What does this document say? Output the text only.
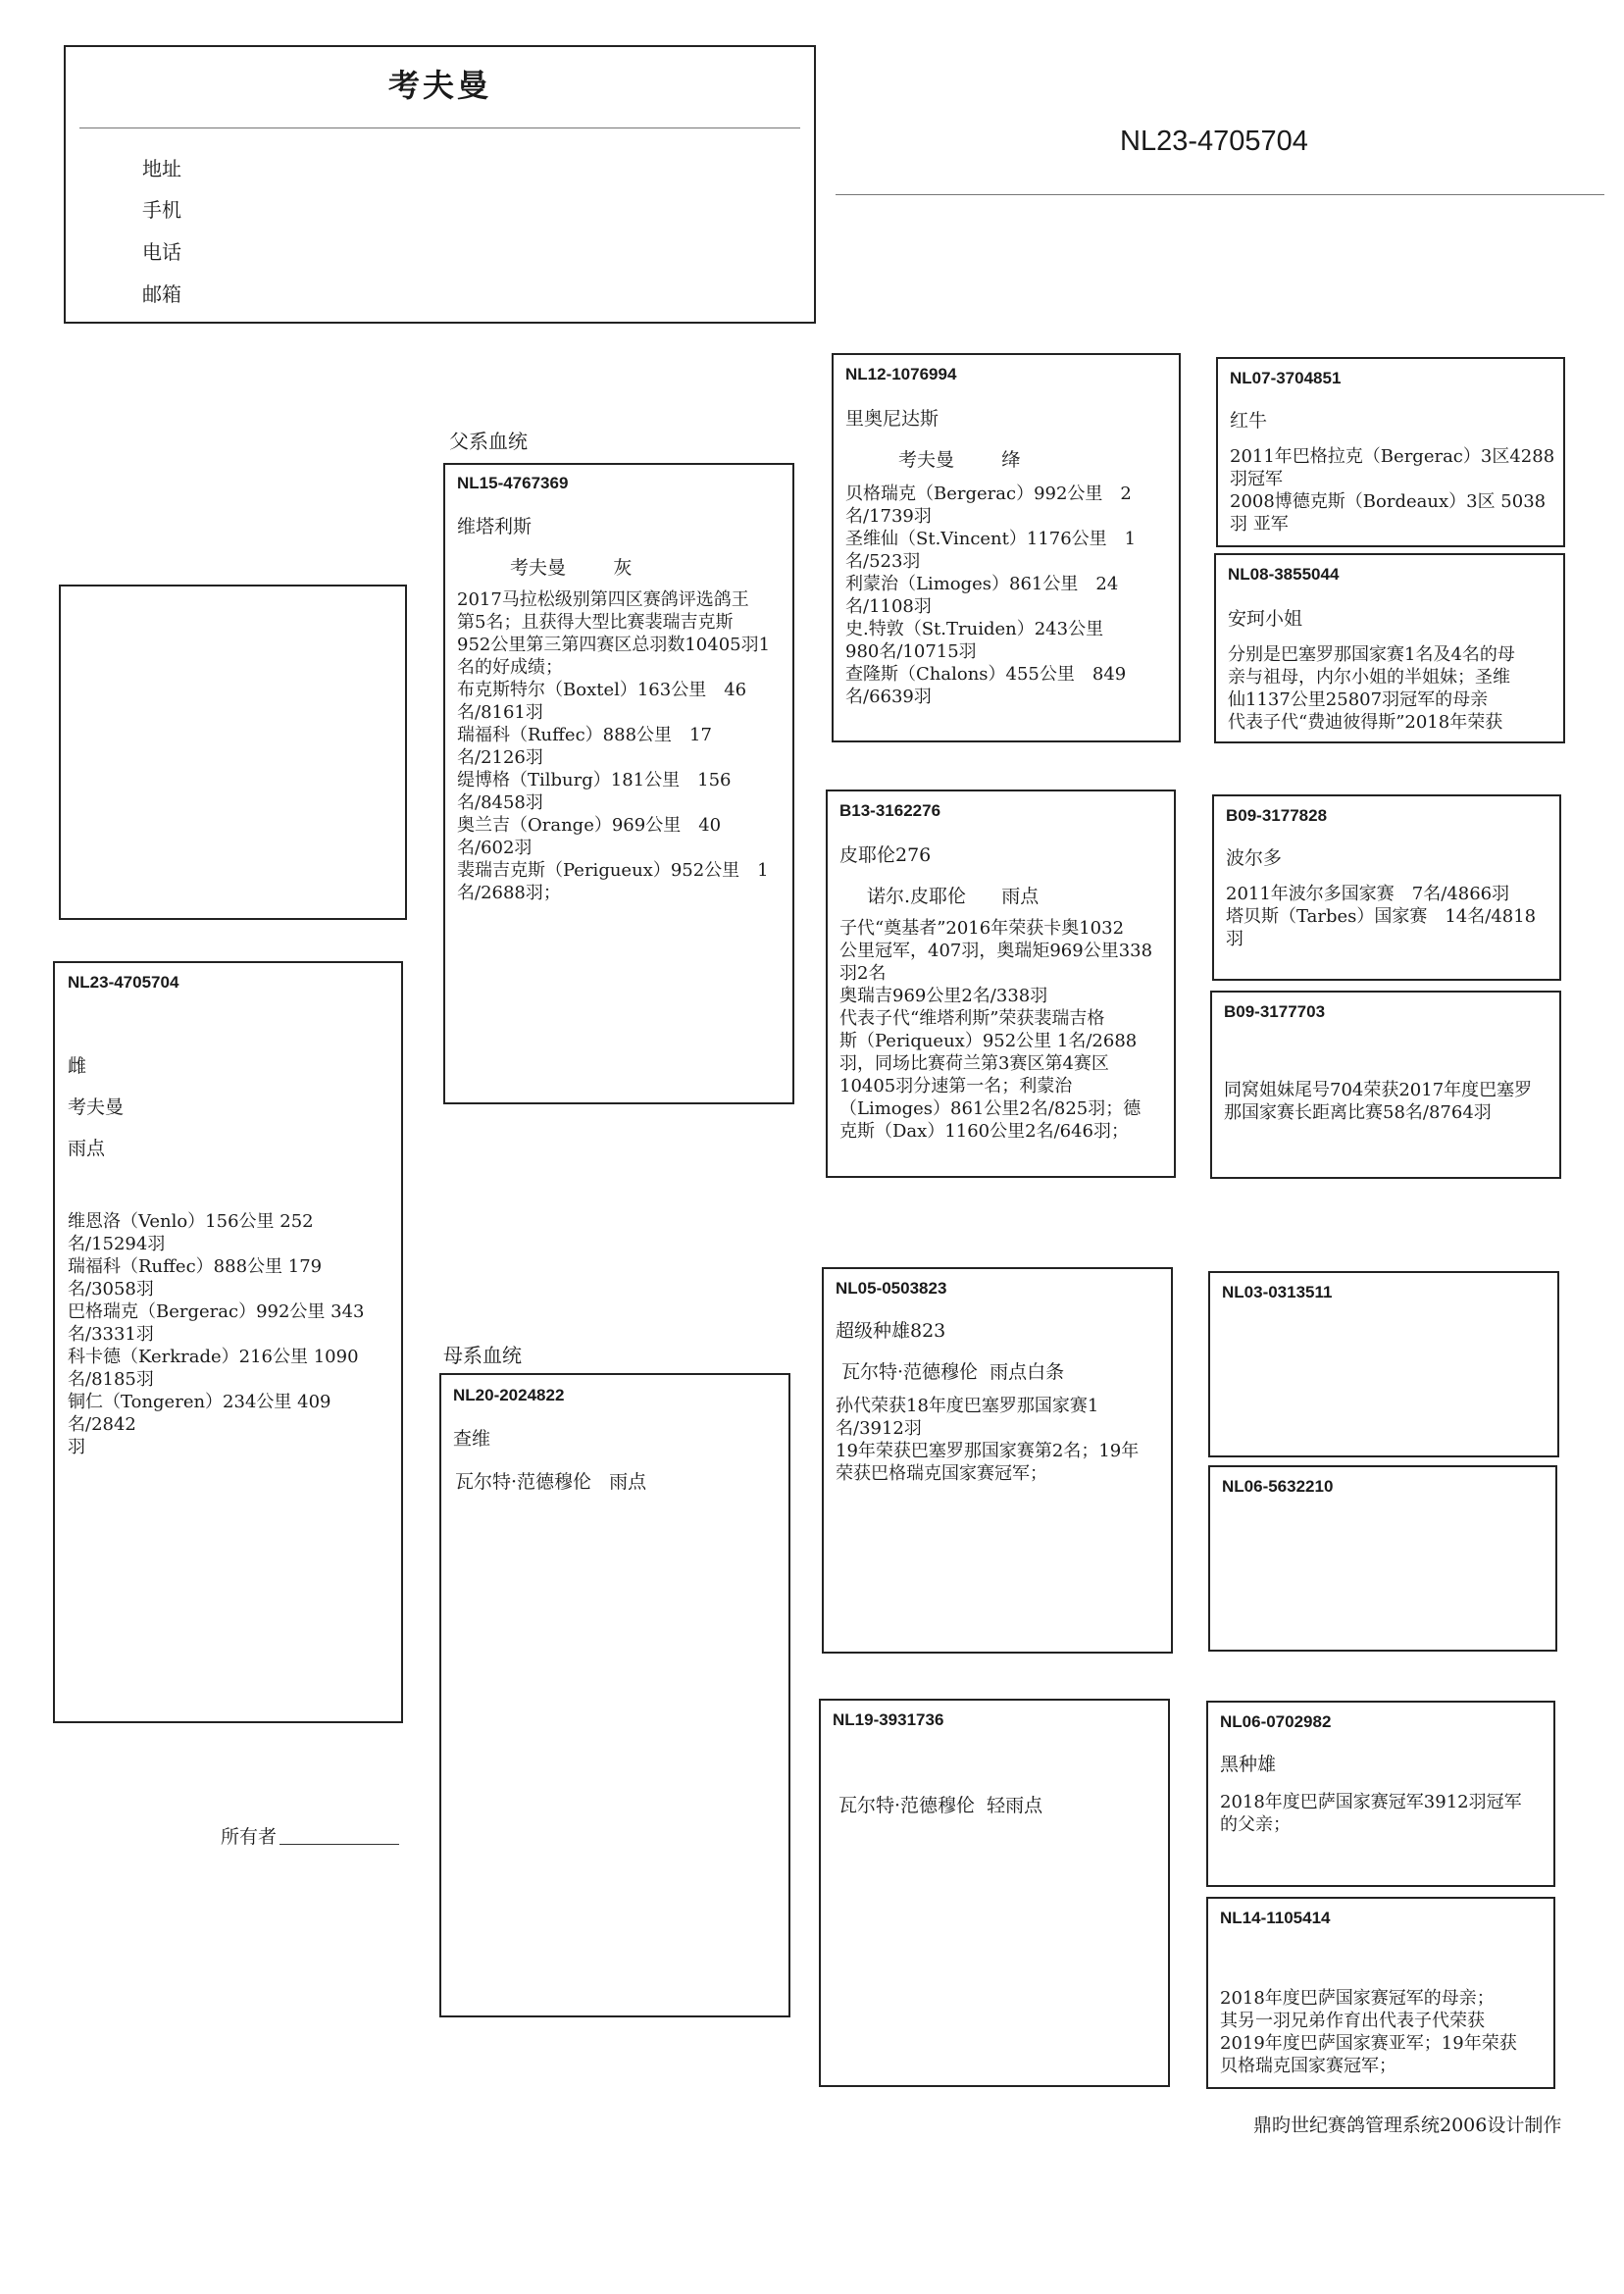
考夫曼
地址
手机
电话
邮箱
NL23-4705704
父系血统
母系血统
NL23-4705704
雌
考夫曼
雨点
维恩洛（Venlo）156公里 252
名/15294羽
瑞福科（Ruffec）888公里 179
名/3058羽
巴格瑞克（Bergerac）992公里 343
名/3331羽
科卡德（Kerkrade）216公里 1090
名/8185羽
铜仁（Tongeren）234公里 409名/2842
羽
所有者
NL15-4767369
维塔利斯
考夫曼        灰
2017马拉松级别第四区赛鸽评选鸽王
第5名；且获得大型比赛裴瑞吉克斯
952公里第三第四赛区总羽数10405羽1
名的好成绩；
布克斯特尔（Boxtel）163公里　46
名/8161羽
瑞福科（Ruffec）888公里　17
名/2126羽
缇博格（Tilburg）181公里　156
名/8458羽
奥兰吉（Orange）969公里　40
名/602羽
裴瑞吉克斯（Perigueux）952公里　1
名/2688羽；
NL20-2024822
查维
瓦尔特·范德穆伦   雨点
NL12-1076994
里奥尼达斯
考夫曼        绛
贝格瑞克（Bergerac）992公里　2
名/1739羽
圣维仙（St.Vincent）1176公里　1
名/523羽
利蒙治（Limoges）861公里　24
名/1108羽
史.特敦（St.Truiden）243公里
980名/10715羽
查隆斯（Chalons）455公里　849
名/6639羽
B13-3162276
皮耶伦276
诺尔.皮耶伦      雨点
子代“奠基者”2016年荣获卡奥1032
公里冠军，407羽，奥瑞矩969公里338
羽2名
奥瑞吉969公里2名/338羽
代表子代“维塔利斯”荣获裴瑞吉格
斯（Periqueux）952公里 1名/2688
羽，同场比赛荷兰第3赛区第4赛区
10405羽分速第一名；利蒙治
（Limoges）861公里2名/825羽；德
克斯（Dax）1160公里2名/646羽；
NL05-0503823
超级种雄823
瓦尔特·范德穆伦  雨点白条
孙代荣获18年度巴塞罗那国家赛1
名/3912羽
19年荣获巴塞罗那国家赛第2名；19年
荣获巴格瑞克国家赛冠军；
NL19-3931736
瓦尔特·范德穆伦  轻雨点
NL07-3704851
红牛
2011年巴格拉克（Bergerac）3区4288
羽冠军
2008博德克斯（Bordeaux）3区 5038
羽 亚军
NL08-3855044
安珂小姐
分别是巴塞罗那国家赛1名及4名的母
亲与祖母，内尔小姐的半姐妹；圣维
仙1137公里25807羽冠军的母亲
代表子代“费迪彼得斯”2018年荣获
B09-3177828
波尔多
2011年波尔多国家赛　7名/4866羽
塔贝斯（Tarbes）国家赛　14名/4818
羽
B09-3177703
同窝姐妹尾号704荣获2017年度巴塞罗
那国家赛长距离比赛58名/8764羽
NL03-0313511
NL06-5632210
NL06-0702982
黑种雄
2018年度巴萨国家赛冠军3912羽冠军
的父亲；
NL14-1105414
2018年度巴萨国家赛冠军的母亲；
其另一羽兄弟作育出代表子代荣获
2019年度巴萨国家赛亚军；19年荣获
贝格瑞克国家赛冠军；
鼎昀世纪赛鸽管理系统2006设计制作
